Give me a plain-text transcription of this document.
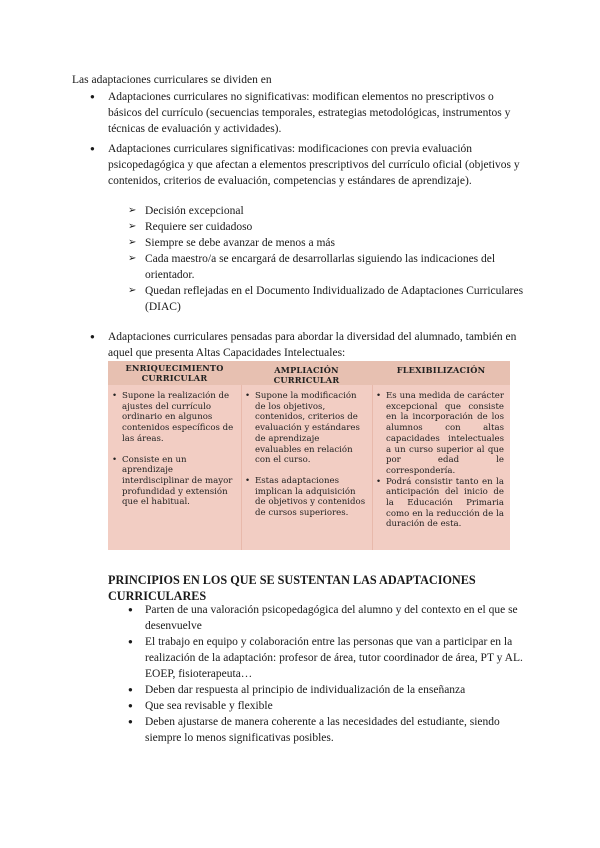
Las adaptaciones curriculares se dividen en
● Adaptaciones curriculares no significativas: modifican elementos no prescriptivos o básicos del currículo (secuencias temporales, estrategias metodológicas, instrumentos y técnicas de evaluación y actividades).
● Adaptaciones curriculares significativas: modificaciones con previa evaluación psicopedagógica y que afectan a elementos prescriptivos del currículo oficial (objetivos y contenidos, criterios de evaluación, competencias y estándares de aprendizaje).
➢ Decisión excepcional
➢ Requiere ser cuidadoso
➢ Siempre se debe avanzar de menos a más
➢ Cada maestro/a se encargará de desarrollarlas siguiendo las indicaciones del orientador.
➢ Quedan reflejadas en el Documento Individualizado de Adaptaciones Curriculares (DIAC)
● Adaptaciones curriculares pensadas para abordar la diversidad del alumnado, también en aquel que presenta Altas Capacidades Intelectuales:
ENRIQUECIMIENTO CURRICULAR
• Supone la realización de ajustes del currículo ordinario en algunos contenidos específicos de las áreas.
• Consiste en un aprendizaje interdisciplinar de mayor profundidad y extensión que el habitual.
AMPLIACIÓN CURRICULAR
• Supone la modificación de los objetivos, contenidos, criterios de evaluación y estándares de aprendizaje evaluables en relación con el curso.
• Estas adaptaciones implican la adquisición de objetivos y contenidos de cursos superiores.
FLEXIBILIZACIÓN
• Es una medida de carácter excepcional que consiste en la incorporación de los alumnos con altas capacidades intelectuales a un curso superior al que por edad le correspondería.
• Podrá consistir tanto en la anticipación del inicio de la Educación Primaria como en la reducción de la duración de esta.
PRINCIPIOS EN LOS QUE SE SUSTENTAN LAS ADAPTACIONES CURRICULARES
● Parten de una valoración psicopedagógica del alumno y del contexto en el que se desenvuelve
● El trabajo en equipo y colaboración entre las personas que van a participar en la realización de la adaptación: profesor de área, tutor coordinador de área, PT y AL. EOEP, fisioterapeuta…
● Deben dar respuesta al principio de individualización de la enseñanza
● Que sea revisable y flexible
● Deben ajustarse de manera coherente a las necesidades del estudiante, siendo siempre lo menos significativas posibles.
